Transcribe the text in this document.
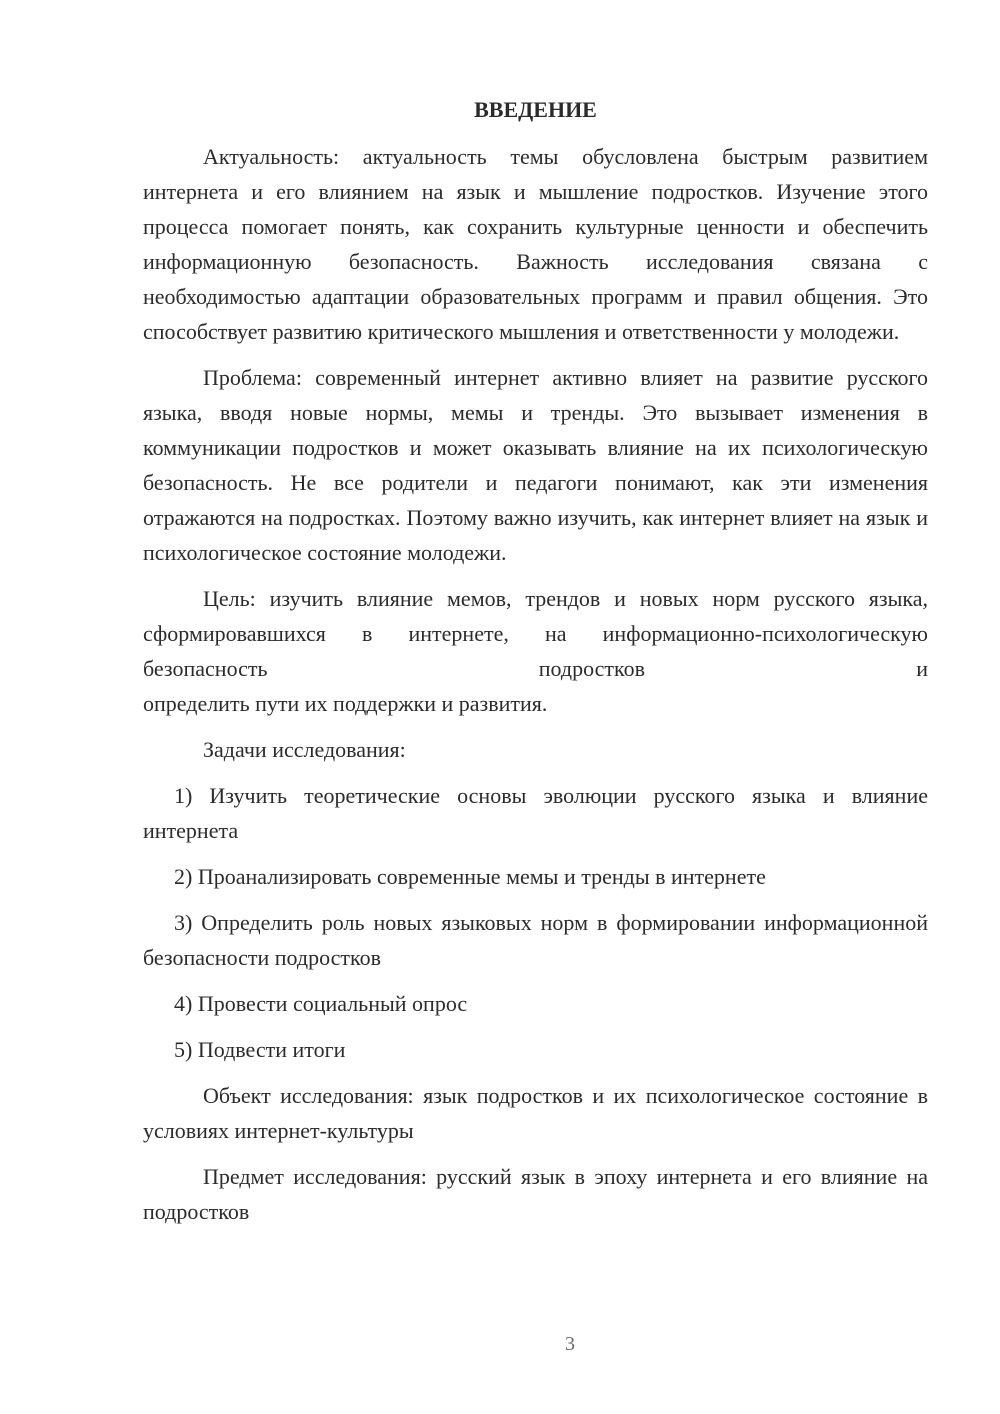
ВВЕДЕНИЕ

Актуальность: актуальность темы обусловлена быстрым развитием интернета и его влиянием на язык и мышление подростков. Изучение этого процесса помогает понять, как сохранить культурные ценности и обеспечить информационную безопасность. Важность исследования связана с необходимостью адаптации образовательных программ и правил общения. Это способствует развитию критического мышления и ответственности у молодежи.

Проблема: современный интернет активно влияет на развитие русского языка, вводя новые нормы, мемы и тренды. Это вызывает изменения в коммуникации подростков и может оказывать влияние на их психологическую безопасность. Не все родители и педагоги понимают, как эти изменения отражаются на подростках. Поэтому важно изучить, как интернет влияет на язык и психологическое состояние молодежи.

Цель: изучить влияние мемов, трендов и новых норм русского языка, сформировавшихся в интернете, на информационно-психологическую безопасность подростков и
определить пути их поддержки и развития.

Задачи исследования:

1) Изучить теоретические основы эволюции русского языка и влияние интернета

2) Проанализировать современные мемы и тренды в интернете

3) Определить роль новых языковых норм в формировании информационной безопасности подростков

4) Провести социальный опрос

5) Подвести итоги

Объект исследования: язык подростков и их психологическое состояние в условиях интернет-культуры

Предмет исследования: русский язык в эпоху интернета и его влияние на подростков

3
